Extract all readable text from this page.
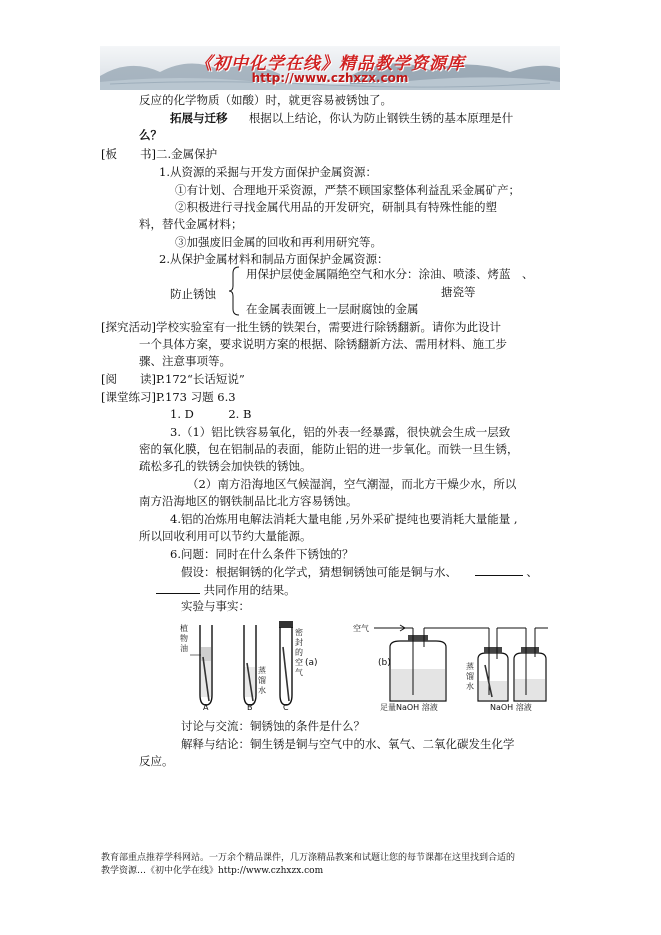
《初中化学在线》精品教学资源库
http://www.czhxzx.com
反应的化学物质（如酸）时，就更容易被锈蚀了。
拓展与迁移 根据以上结论，你认为防止钢铁生锈的基本原理是什
么？
[板　　书]二.金属保护
1.从资源的采掘与开发方面保护金属资源：
①有计划、合理地开采资源，严禁不顾国家整体利益乱采金属矿产；
②积极进行寻找金属代用品的开发研究，研制具有特殊性能的塑
料，替代金属材料；
③加强废旧金属的回收和再利用研究等。
2.从保护金属材料和制品方面保护金属资源：
防止锈蚀
用保护层使金属隔绝空气和水分：涂油、喷漆、烤蓝　、
搪瓷等
在金属表面镀上一层耐腐蚀的金属
[探究活动]学校实验室有一批生锈的铁架台，需要进行除锈翻新。请你为此设计
一个具体方案，要求说明方案的根据、除锈翻新方法、需用材料、施工步
骤、注意事项等。
[阅　　读]P.172“长话短说”
[课堂练习]P.173 习题 6.3
1. D　　　2. B
3.（1）铝比铁容易氧化，铝的外表一经暴露，很快就会生成一层致
密的氧化膜，包在铝制品的表面，能防止铝的进一步氧化。而铁一旦生锈，
疏松多孔的铁锈会加快铁的锈蚀。
（2）南方沿海地区气候湿润，空气潮湿，而北方干燥少水，所以
南方沿海地区的钢铁制品比北方容易锈蚀。
4.铝的冶炼用电解法消耗大量电能 ,另外采矿提纯也要消耗大量能量 ,
所以回收利用可以节约大量能源。
6.问题：同时在什么条件下锈蚀的？
假设：根据铜锈的化学式，猜想铜锈蚀可能是铜与水、	、
共同作用的结果。
实验与事实：
植
物
油
A
蒸
馏
水
B
密
封
的
空
气
(a)
C
空气
(b)
足量NaOH 溶液
蒸
馏
水
NaOH 溶液
讨论与交流：铜锈蚀的条件是什么？
解释与结论：铜生锈是铜与空气中的水、氧气、二氧化碳发生化学
反应。
教育部重点推荐学科网站。一万余个精品课件，几万涤精品教案和试题让您的每节课都在这里找到合适的
教学资源…《初中化学在线》http://www.czhxzx.com
